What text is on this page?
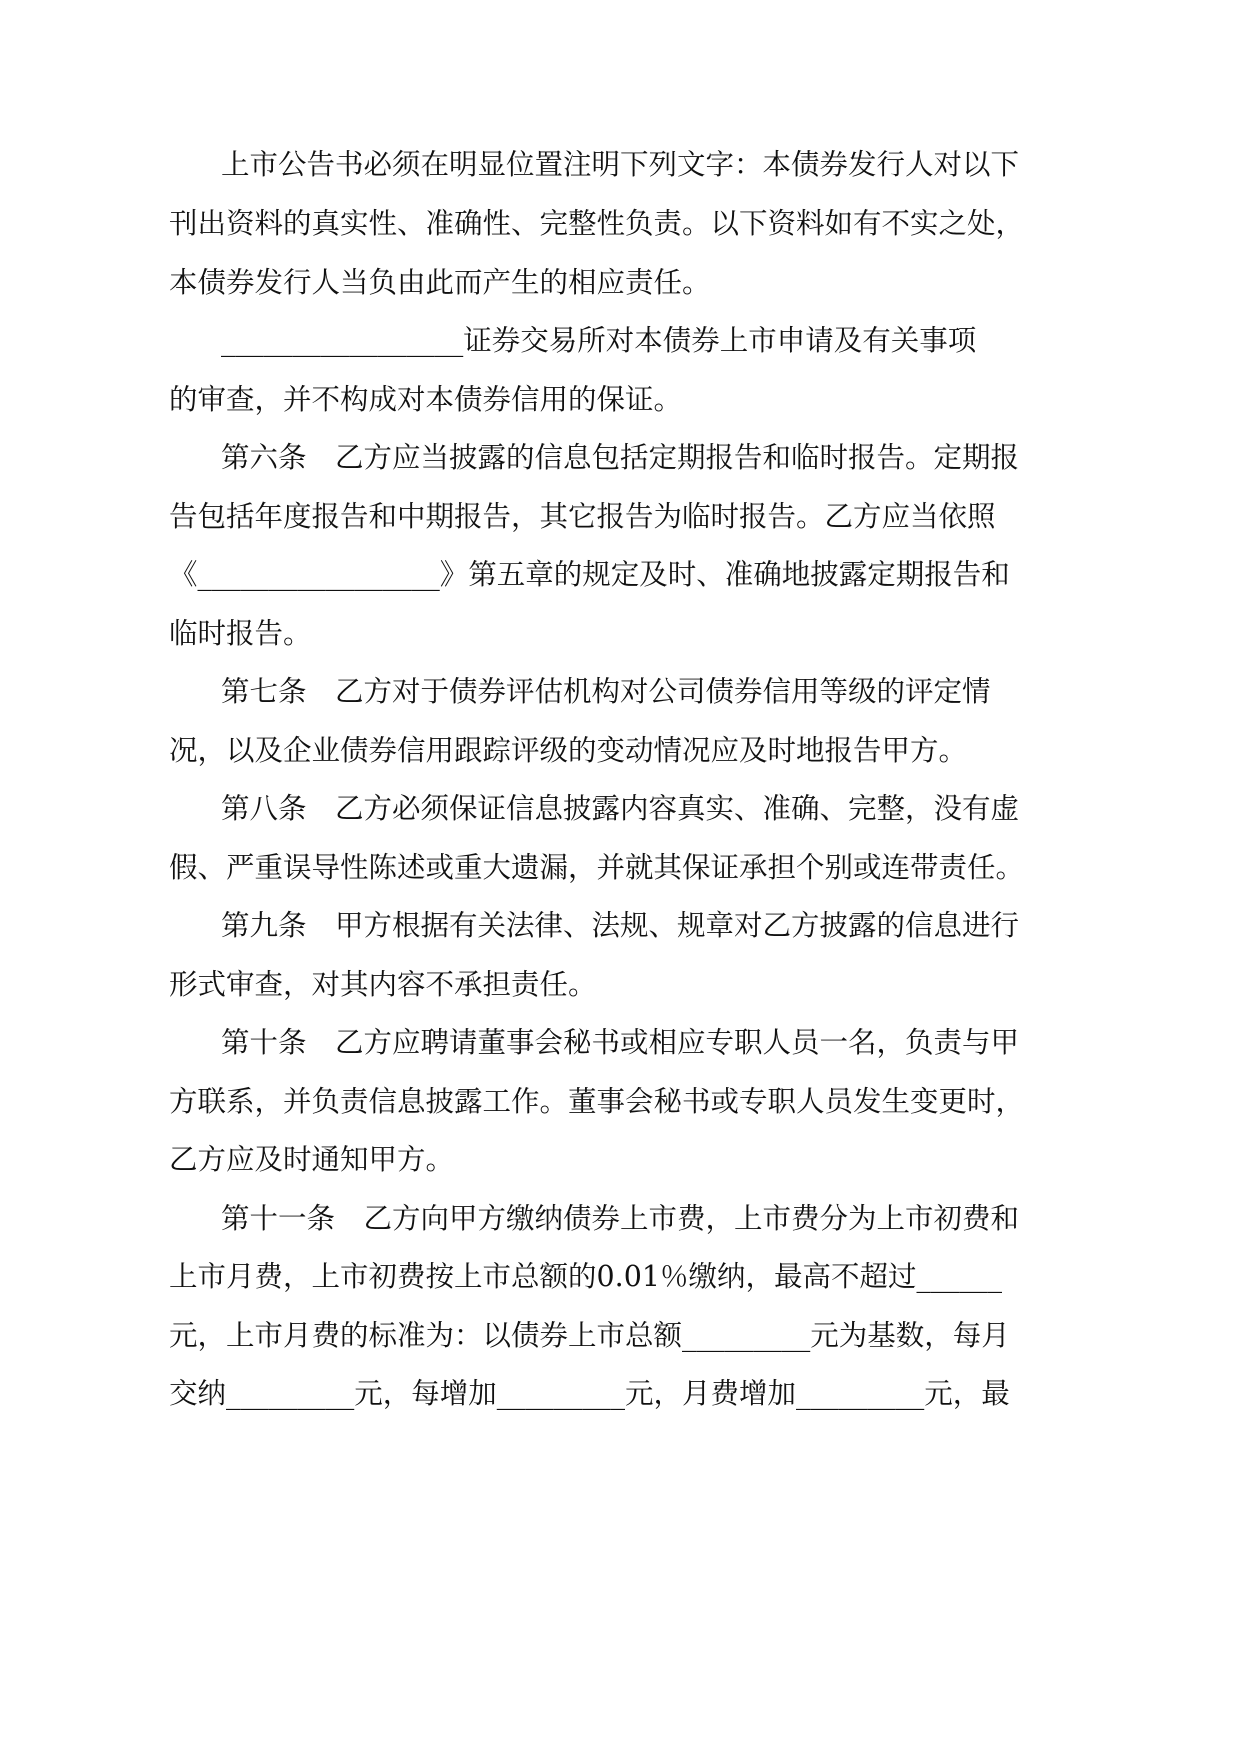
上市公告书必须在明显位置注明下列文字：本债券发行人对以下
刊出资料的真实性、准确性、完整性负责。以下资料如有不实之处，
本债券发行人当负由此而产生的相应责任。
_________________证券交易所对本债券上市申请及有关事项
的审查，并不构成对本债券信用的保证。
第六条　乙方应当披露的信息包括定期报告和临时报告。定期报
告包括年度报告和中期报告，其它报告为临时报告。乙方应当依照
《_________________》第五章的规定及时、准确地披露定期报告和
临时报告。
第七条　乙方对于债券评估机构对公司债券信用等级的评定情
况，以及企业债券信用跟踪评级的变动情况应及时地报告甲方。
第八条　乙方必须保证信息披露内容真实、准确、完整，没有虚
假、严重误导性陈述或重大遗漏，并就其保证承担个别或连带责任。
第九条　甲方根据有关法律、法规、规章对乙方披露的信息进行
形式审查，对其内容不承担责任。
第十条　乙方应聘请董事会秘书或相应专职人员一名，负责与甲
方联系，并负责信息披露工作。董事会秘书或专职人员发生变更时，
乙方应及时通知甲方。
第十一条　乙方向甲方缴纳债券上市费，上市费分为上市初费和
上市月费，上市初费按上市总额的0.01％缴纳，最高不超过______
元，上市月费的标准为：以债券上市总额_________元为基数，每月
交纳_________元，每增加_________元，月费增加_________元，最
